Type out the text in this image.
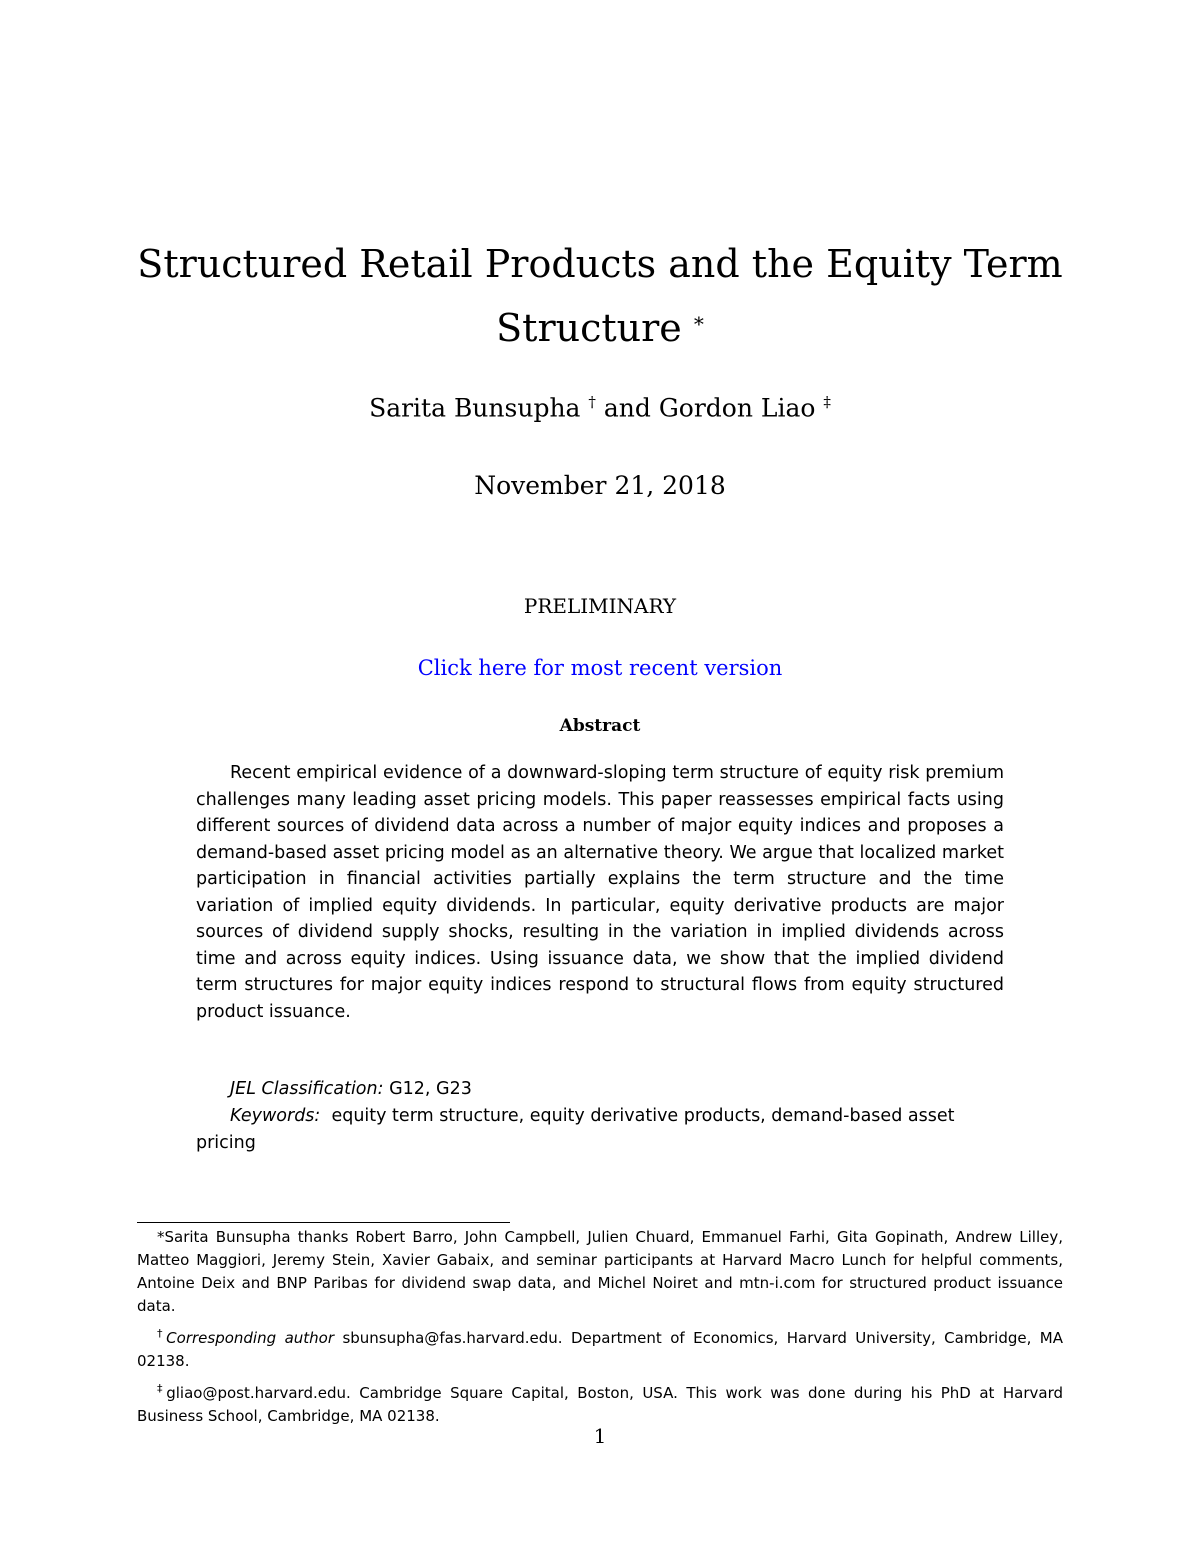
Structured Retail Products and the Equity Term
Structure *
Sarita Bunsupha † and Gordon Liao ‡
November 21, 2018
PRELIMINARY
Click here for most recent version
Abstract

Recent empirical evidence of a downward-sloping term structure of equity risk premium challenges many leading asset pricing models. This paper reassesses empirical facts using different sources of dividend data across a number of major equity indices and proposes a demand-based asset pricing model as an alternative theory. We argue that localized market participation in financial activities partially explains the term structure and the time variation of implied equity dividends. In particular, equity derivative products are major sources of dividend supply shocks, resulting in the variation in implied dividends across time and across equity indices. Using issuance data, we show that the implied dividend term structures for major equity indices respond to structural flows from equity structured product issuance.

JEL Classification: G12, G23
Keywords: equity term structure, equity derivative products, demand-based asset pricing

*Sarita Bunsupha thanks Robert Barro, John Campbell, Julien Chuard, Emmanuel Farhi, Gita Gopinath, Andrew Lilley, Matteo Maggiori, Jeremy Stein, Xavier Gabaix, and seminar participants at Harvard Macro Lunch for helpful comments, Antoine Deix and BNP Paribas for dividend swap data, and Michel Noiret and mtn-i.com for structured product issuance data.

†Corresponding author sbunsupha@fas.harvard.edu. Department of Economics, Harvard University, Cambridge, MA 02138.

‡gliao@post.harvard.edu. Cambridge Square Capital, Boston, USA. This work was done during his PhD at Harvard Business School, Cambridge, MA 02138.

1
